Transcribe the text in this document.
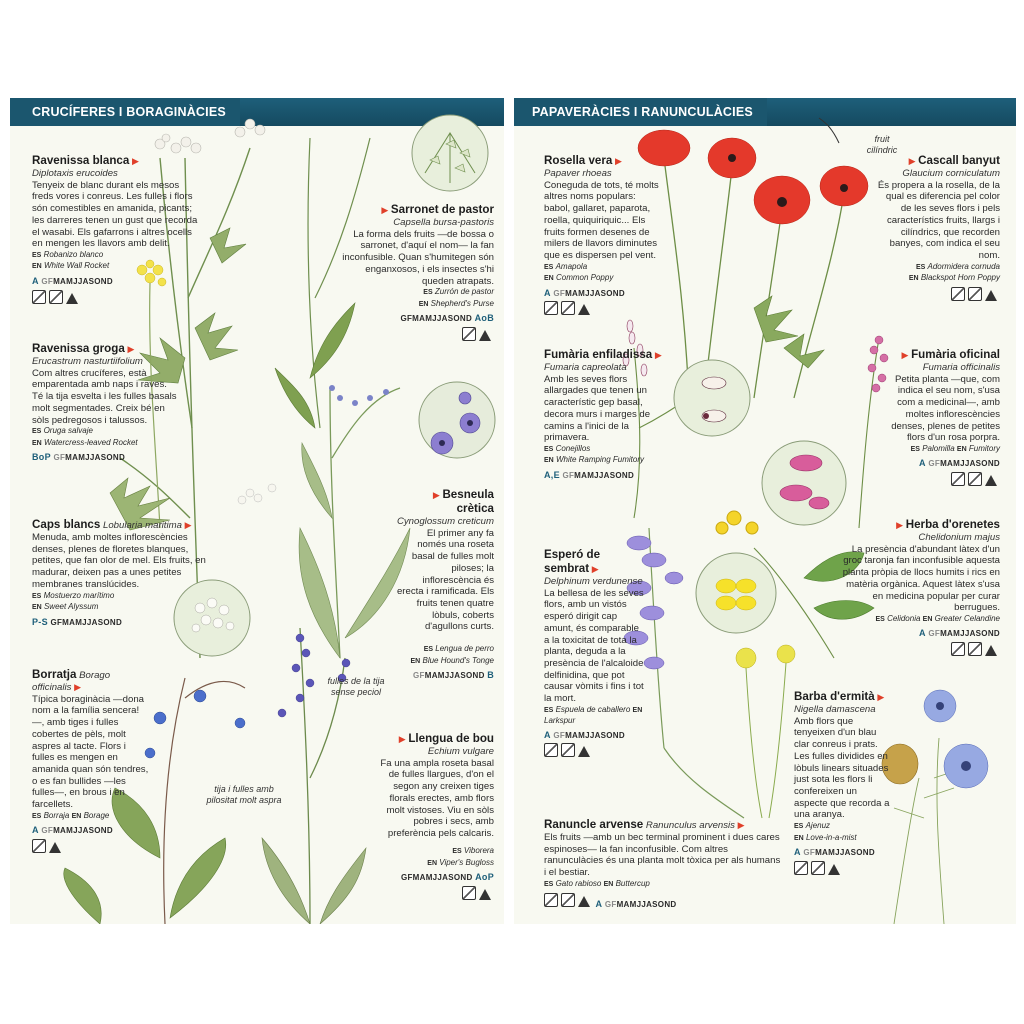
CRUCÍFERES I BORAGINÀCIES
Ravenissa blanca ▶
Diplotaxis erucoides
Tenyeix de blanc durant els mesos freds vores i conreus. Les fulles i flors són comestibles en amanida, picants; les darreres tenen un gust que recorda el wasabi. Els gafarrons i altres ocells en mengen les llavors amb delit.
ES Robanizo blanco
EN White Wall Rocket
A GFMAMJJASOND
▶ Sarronet de pastor
Capsella bursa-pastoris
La forma dels fruits —de bossa o sarronet, d'aquí el nom— la fan inconfusible. Quan s'humitegen són enganxosos, i els insectes s'hi queden atrapats.
ES Zurrón de pastor
EN Shepherd's Purse
GFMAMJJASOND AoB
Ravenissa groga ▶
Erucastrum nasturtiifolium
Com altres crucíferes, està emparentada amb naps i raves. Té la tija esvelta i les fulles basals molt segmentades. Creix bé en sòls pedregosos i talussos.
ES Oruga salvaje
EN Watercress-leaved Rocket
BoP GFMAMJJASOND
▶ Besneula crètica
Cynoglossum creticum
El primer any fa només una roseta basal de fulles molt piloses; la inflorescència és erecta i ramificada. Els fruits tenen quatre lòbuls, coberts d'agullons curts.
ES Lengua de perro
EN Blue Hound's Tonge
GFMAMJJASOND B
Caps blancs Lobularia maritima ▶
Menuda, amb moltes inflorescències denses, plenes de floretes blanques, petites, que fan olor de mel. Els fruits, en madurar, deixen pas a unes petites membranes translúcides.
ES Mostuerzo marítimo
EN Sweet Alyssum
P-S GFMAMJJASOND
Borratja Borago officinalis ▶
Típica boraginàcia —dona nom a la família sencera!—, amb tiges i fulles cobertes de pèls, molt aspres al tacte. Flors i fulles es mengen en amanida quan són tendres, o es fan bullides —les fulles—, en brous i en farcellets.
ES Borraja EN Borage
A GFMAMJJASOND
▶ Llengua de bou
Echium vulgare
Fa una ampla roseta basal de fulles llargues, d'on el segon any creixen tiges florals erectes, amb flors molt vistoses. Viu en sòls pobres i secs, amb preferència pels calcaris.
ES Viborera
EN Viper's Bugloss
GFMAMJJASOND AoP
fulles de la tija sense peciol
tija i fulles amb pilositat molt aspra
PAPAVERÀCIES I RANUNCULÀCIES
Rosella vera ▶
Papaver rhoeas
Coneguda de tots, té molts altres noms populars: babol, gallaret, paparota, roella, quiquiriquic... Els fruits formen desenes de milers de llavors diminutes que es dispersen pel vent.
ES Amapola
EN Common Poppy
A GFMAMJJASOND
▶ Cascall banyut
Glaucium corniculatum
És propera a la rosella, de la qual es diferencia pel color de les seves flors i pels característics fruits, llargs i cilíndrics, que recorden banyes, com indica el seu nom.
ES Adormidera cornuda
EN Blackspot Horn Poppy
fruit cilíndric
Fumària enfiladissa ▶
Fumaria capreolata
Amb les seves flors allargades que tenen un característic gep basal, decora murs i marges de camins a l'inici de la primavera.
ES Conejillos
EN White Ramping Fumitory
A,E GFMAMJJASOND
▶ Fumària oficinal
Fumaria officinalis
Petita planta —que, com indica el seu nom, s'usa com a medicinal—, amb moltes inflorescències denses, plenes de petites flors d'un rosa porpra.
ES Palomilla EN Fumitory
A GFMAMJJASOND
Esperó de sembrat ▶
Delphinum verdunense
La bellesa de les seves flors, amb un vistós esperó dirigit cap amunt, és comparable a la toxicitat de tota la planta, deguda a la presència de l'alcaloide delfinidina, que pot causar vòmits i fins i tot la mort.
ES Espuela de caballero EN Larkspur
A GFMAMJJASOND
▶ Herba d'orenetes
Chelidonium majus
La presència d'abundant làtex d'un groc taronja fan inconfusible aquesta planta pròpia de llocs humits i rics en matèria orgànica. Aquest làtex s'usa en medicina popular per curar berrugues.
ES Celidonia EN Greater Celandine
A GFMAMJJASOND
Barba d'ermità ▶
Nigella damascena
Amb flors que tenyeixen d'un blau clar conreus i prats. Les fulles dividides en lòbuls linears situades just sota les flors li confereixen un aspecte que recorda a una aranya.
ES Ajenuz
EN Love-in-a-mist
A GFMAMJJASOND
Ranuncle arvense Ranunculus arvensis ▶
Els fruits —amb un bec terminal prominent i dues cares espinoses— la fan inconfusible. Com altres ranunculàcies és una planta molt tòxica per als humans i el bestiar.
ES Gato rabioso EN Buttercup
A GFMAMJJASOND
